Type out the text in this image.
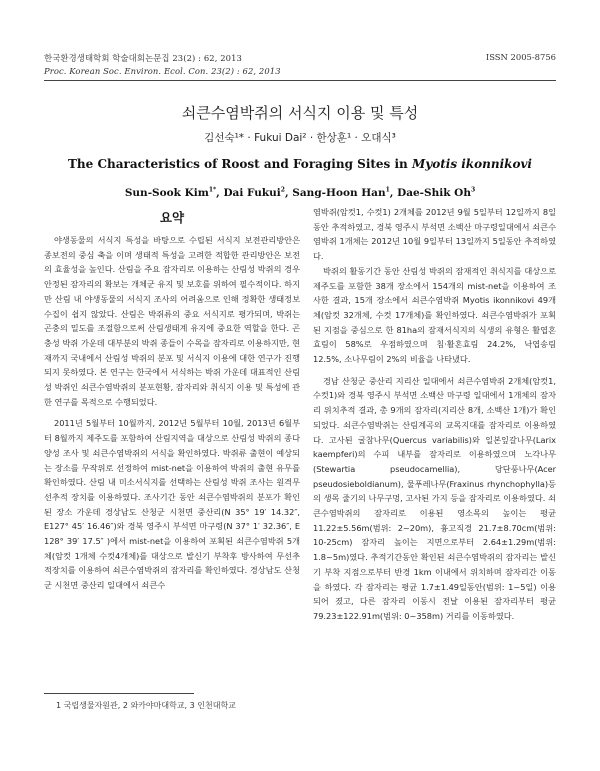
한국환경생태학회 학술대회논문집 23(2) : 62, 2013
Proc. Korean Soc. Environ. Ecol. Con. 23(2) : 62, 2013
ISSN 2005-8756
쇠큰수염박쥐의 서식지 이용 및 특성
김선숙¹* · Fukui Dai² · 한상훈¹ · 오대식³
The Characteristics of Roost and Foraging Sites in Myotis ikonnikovi
Sun-Sook Kim$^{1*}$, Dai Fukui$^2$, Sang-Hoon Han$^1$, Dae-Shik Oh$^3$
요약

야생동물의 서식지 특성을 바탕으로 수립된 서식지 보전관리방안은 종보전의 중심 축을 이며 생태적 특성을 고려한 적합한 관리방안은 보전의 효율성을 높인다. 산림을 주요 잠자리로 이용하는 산림성 박쥐의 경우 안정된 잠자리의 확보는 개체군 유지 및 보호를 위하여 필수적이다. 하지만 산림 내 야생동물의 서식지 조사의 어려움으로 인해 정확한 생태정보 수집이 쉽지 않았다. 산림은 박쥐류의 중요 서식지로 평가되며, 박쥐는 곤충의 밀도를 조절함으로써 산림생태계 유지에 중요한 역할을 한다. 곤충성 박쥐 가운데 대부분의 박쥐 종들이 수목을 잠자리로 이용하지만, 현재까지 국내에서 산림성 박쥐의 분포 및 서식지 이용에 대한 연구가 진행되지 못하였다. 본 연구는 한국에서 서식하는 박쥐 가운데 대표적인 산림성 박쥐인 쇠큰수염박쥐의 분포현황, 잠자리와 취식지 이용 및 특성에 관한 연구를 목적으로 수행되었다.

2011년 5월부터 10월까지, 2012년 5월부터 10월, 2013년 6월부터 8월까지 제주도를 포함하여 산림지역을 대상으로 산림성 박쥐의 종다양성 조사 및 쇠큰수염박쥐의 서식을 확인하였다. 박쥐류 출현이 예상되는 장소를 무작위로 선정하여 mist-net을 이용하여 박쥐의 출현 유무를 확인하였다. 산림 내 미소서식지를 선택하는 산림성 박쥐 조사는 원격무선추적 장치를 이용하였다. 조사기간 동안 쇠큰수염박쥐의 분포가 확인된 장소 가운데 경상남도 산청군 시천면 중산리(N 35° 19′ 14.32″, E127° 45′ 16.46″)와 경북 영주시 부석면 마구령(N 37° 1′ 32.36″, E 128° 39′ 17.5″ )에서 mist-net을 이용하여 포획된 쇠큰수염박쥐 5개체(암컷 1개체 수컷4개체)를 대상으로 발신기 부착후 방사하여 무선추적장치를 이용하여 쇠큰수염박쥐의 잠자리를 확인하였다. 경상남도 산청군 시천면 중산리 일대에서 쇠큰수

염박쥐(암컷1, 수컷1) 2개체를 2012년 9월 5일부터 12일까지 8일동안 추적하였고, 경북 영주시 부석면 소백산 마구령일대에서 쇠큰수염박쥐 1개체는 2012년 10월 9일부터 13일까지 5일동안 추적하였다.

박쥐의 활동기간 동안 산림성 박쥐의 잠재적인 취식지를 대상으로 제주도를 포함한 38개 장소에서 154개의 mist-net을 이용하여 조사한 결과, 15개 장소에서 쇠큰수염박쥐 Myotis ikonnikovi 49개체(암컷 32개체, 수컷 17개체)를 확인하였다. 쇠큰수염박쥐가 포획된 지점을 중심으로 한 81ha의 잠재서식지의 식생의 유형은 활엽혼효림이 58%로 우점하였으며 침·활혼효림 24.2%, 낙엽송림 12.5%, 소나무림이 2%의 비율을 나타냈다.

경남 산청군 중산리 지리산 일대에서 쇠큰수염박쥐 2개체(암컷1, 수컷1)와 경북 영주시 부석면 소백산 마구령 일대에서 1개체의 잠자리 위치추적 결과, 총 9개의 잠자리(지리산 8개, 소백산 1개)가 확인되었다. 쇠큰수염박쥐는 산림계곡의 교목지대를 잠자리로 이용하였다. 고사된 굴참나무(Quercus variabilis)와 일본잎갈나무(Larix kaempferi)의 수피 내부를 잠자리로 이용하였으며 노각나무(Stewartia pseudocamellia), 당단풍나무(Acer pseudosieboldianum), 물푸레나무(Fraxinus rhynchophylla)등의 생목 줄기의 나무구멍, 고사된 가지 등을 잠자리로 이용하였다. 쇠큰수염박쥐의 잠자리로 이용된 영소목의 높이는 평균 11.22±5.56m(범위: 2~20m), 흉고직경 21.7±8.70cm(범위: 10-25cm) 잠자리 높이는 지면으로부터 2.64±1.29m(범위: 1.8~5m)였다. 추적기간동안 확인된 쇠큰수염박쥐의 잠자리는 발신기 부착 지점으로부터 반경 1km 이내에서 위치하며 잠자리간 이동을 하였다. 각 잠자리는 평균 1.7±1.49일동안(범위: 1~5일) 이용되어 졌고, 다른 잠자리 이동시 전날 이용된 잠자리부터 평균 79.23±122.91m(범위: 0~358m) 거리를 이동하였다.

1 국립생물자원관, 2 와카야마대학교, 3 인천대학교
